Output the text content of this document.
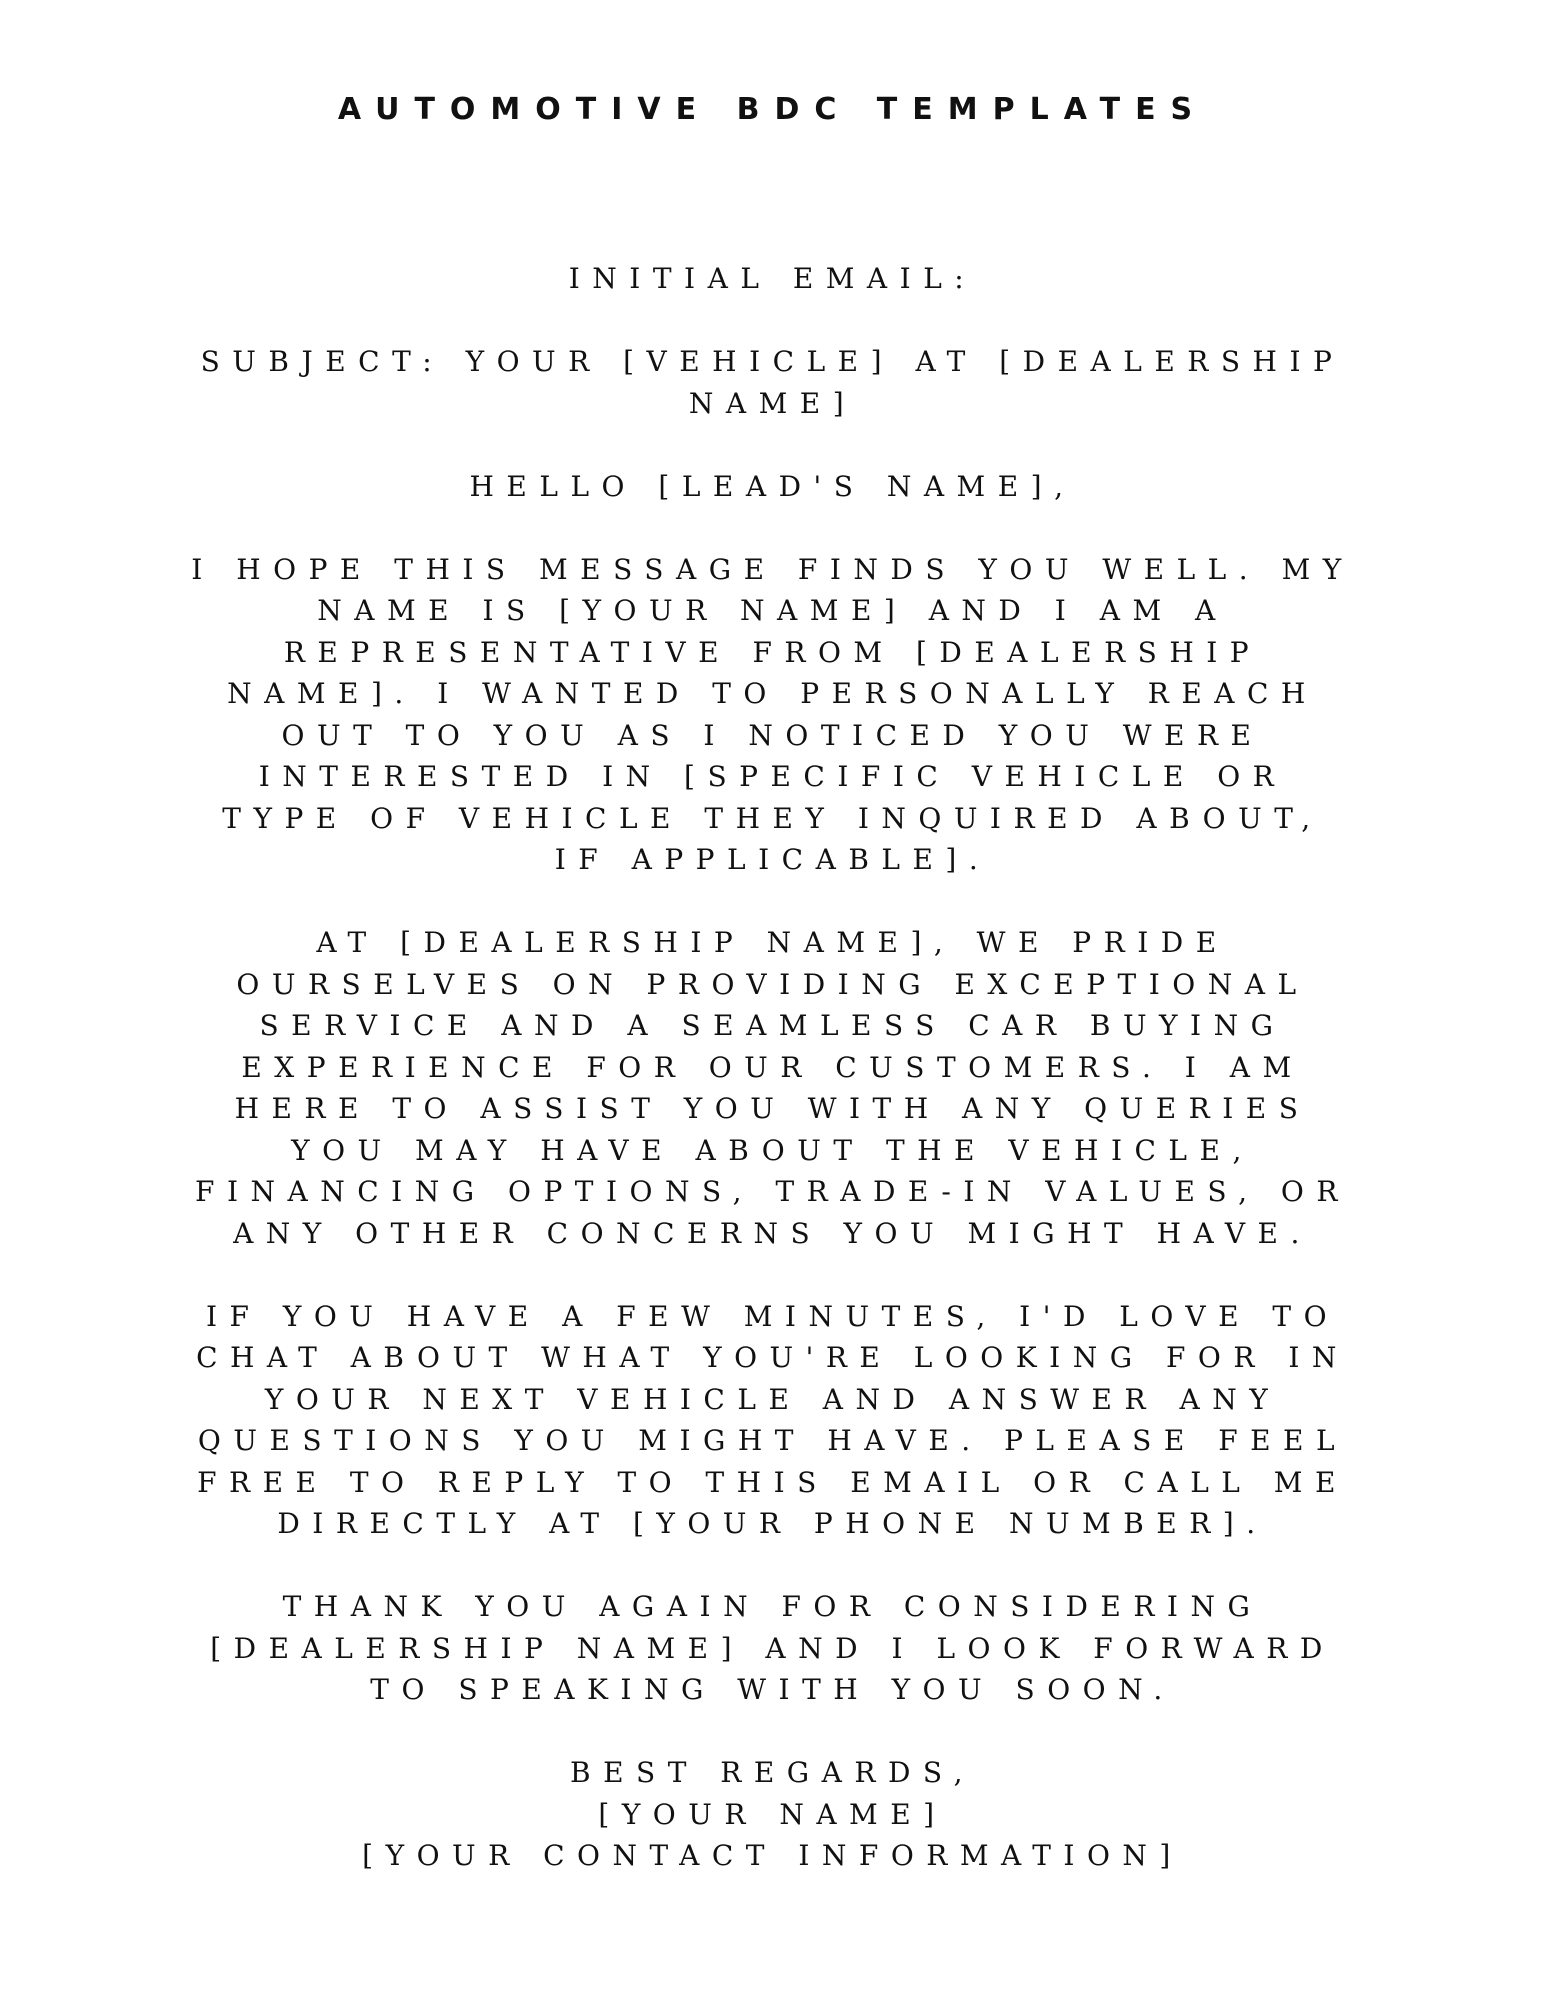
AUTOMOTIVE BDC TEMPLATES

INITIAL EMAIL:

SUBJECT: YOUR [VEHICLE] AT [DEALERSHIP
NAME]

HELLO [LEAD'S NAME],

I HOPE THIS MESSAGE FINDS YOU WELL. MY
NAME IS [YOUR NAME] AND I AM A
REPRESENTATIVE FROM [DEALERSHIP
NAME]. I WANTED TO PERSONALLY REACH
OUT TO YOU AS I NOTICED YOU WERE
INTERESTED IN [SPECIFIC VEHICLE OR
TYPE OF VEHICLE THEY INQUIRED ABOUT,
IF APPLICABLE].

AT [DEALERSHIP NAME], WE PRIDE
OURSELVES ON PROVIDING EXCEPTIONAL
SERVICE AND A SEAMLESS CAR BUYING
EXPERIENCE FOR OUR CUSTOMERS. I AM
HERE TO ASSIST YOU WITH ANY QUERIES
YOU MAY HAVE ABOUT THE VEHICLE,
FINANCING OPTIONS, TRADE-IN VALUES, OR
ANY OTHER CONCERNS YOU MIGHT HAVE.

IF YOU HAVE A FEW MINUTES, I'D LOVE TO
CHAT ABOUT WHAT YOU'RE LOOKING FOR IN
YOUR NEXT VEHICLE AND ANSWER ANY
QUESTIONS YOU MIGHT HAVE. PLEASE FEEL
FREE TO REPLY TO THIS EMAIL OR CALL ME
DIRECTLY AT [YOUR PHONE NUMBER].

THANK YOU AGAIN FOR CONSIDERING
[DEALERSHIP NAME] AND I LOOK FORWARD
TO SPEAKING WITH YOU SOON.

BEST REGARDS,
[YOUR NAME]
[YOUR CONTACT INFORMATION]
